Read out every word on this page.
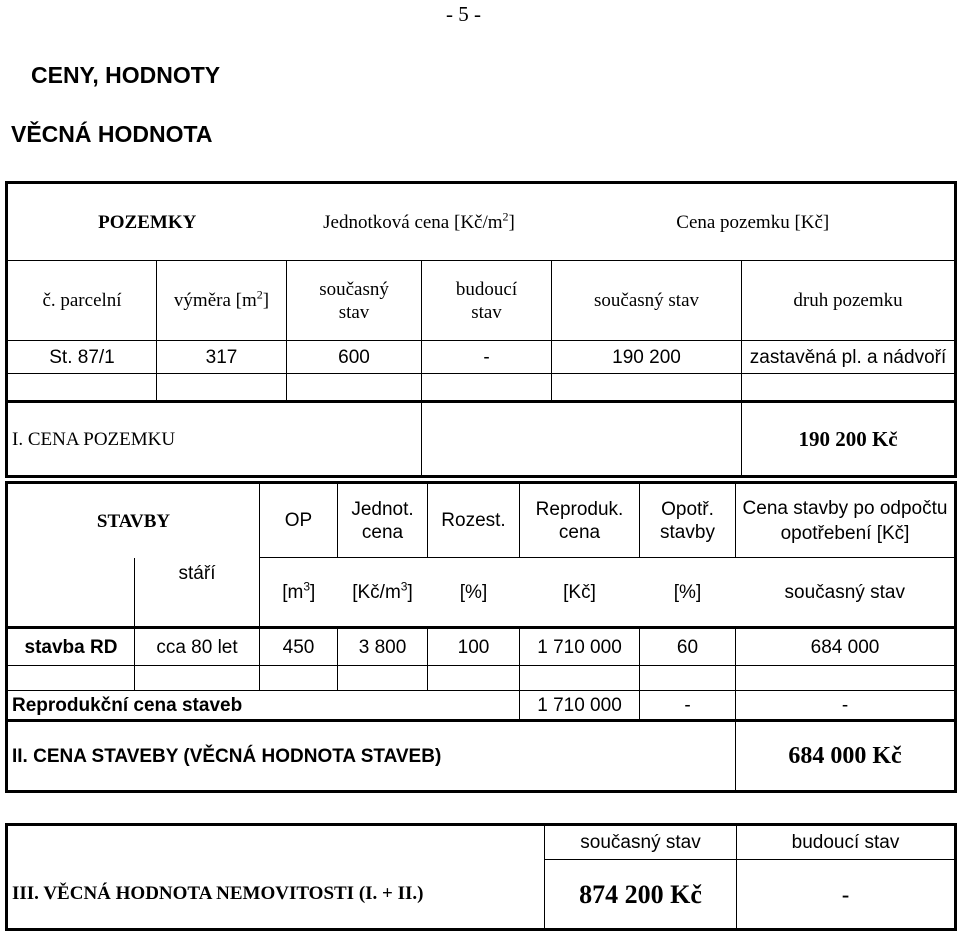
- 5 -
CENY, HODNOTY
VĚCNÁ HODNOTA
POZEMKY		Jednotková cena $[Kč/m^2]$		Cena pozemku [Kč]	
č. parcelní	výměra $[m^2]$	současný stav	budoucí stav	současný stav	druh pozemku
St. 87/1	317	600	-	190 200	zastavěná pl. a nádvoří

I. CENA POZEMKU					190 200 Kč
STAVBY		OP	Jednot. cena	Rozest.	Reproduk. cena	Opotř. stavby	Cena stavby po odpočtu opotřebení [Kč]
	stáří	$[m^3]$	$[Kč/m^3]$	[%]	[Kč]	[%]	současný stav
stavba RD	cca 80 let	450	3 800	100	1 710 000	60	684 000

Reprodukční cena staveb					1 710 000	-	-
II. CENA STAVEBY (VĚCNÁ HODNOTA STAVEB)							684 000 Kč
	současný stav	budoucí stav
III. VĚCNÁ HODNOTA NEMOVITOSTI (I. + II.)	874 200 Kč	-
